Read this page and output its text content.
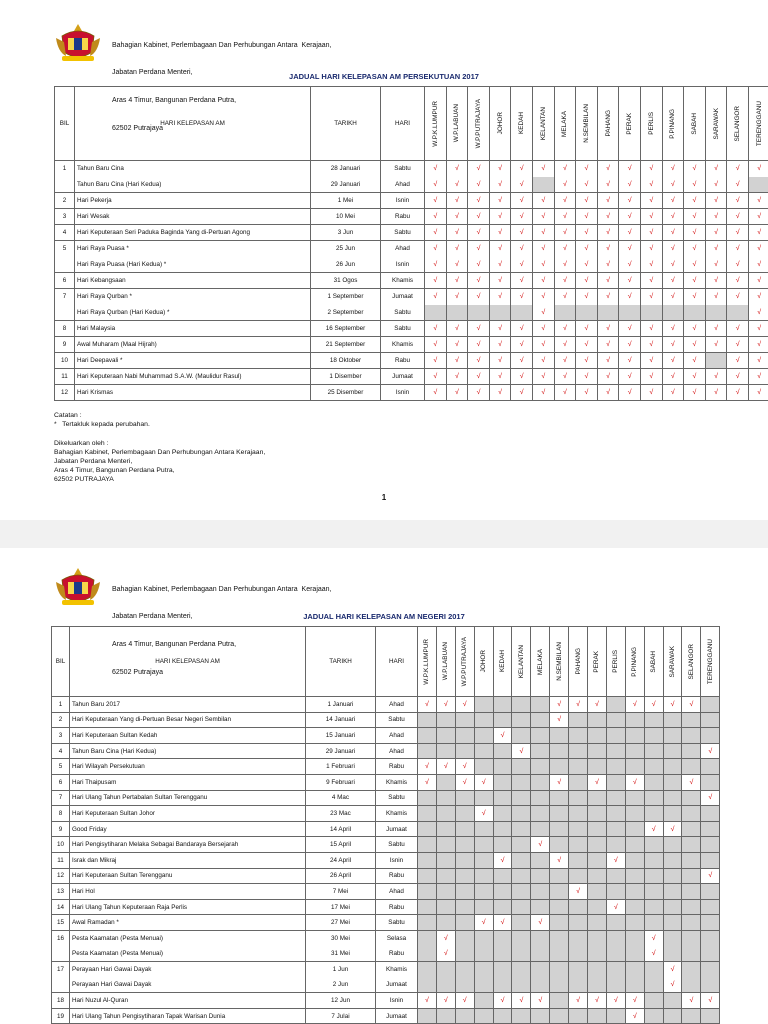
Bahagian Kabinet, Perlembagaan Dan Perhubungan Antara  Kerajaan,

Jabatan Perdana Menteri,

Aras 4 Timur, Bangunan Perdana Putra,

62502 Putrajaya

JADUAL HARI KELEPASAN AM PERSEKUTUAN 2017
BIL	HARI KELEPASAN AM	TARIKH	HARI	W.P.K.LUMPUR	W.P.LABUAN	W.P.PUTRAJAYA	JOHOR	KEDAH	KELANTAN	MELAKA	N.SEMBILAN	PAHANG	PERAK	PERLIS	P.PINANG	SABAH	SARAWAK	SELANGOR	TERENGGANU

1	Tahun Baru Cina	28 Januari	Sabtu	√	√	√	√	√	√	√	√	√	√	√	√	√	√	√	√
	Tahun Baru Cina (Hari Kedua)	29 Januari	Ahad	√	√	√	√	√		√	√	√	√	√	√	√	√	√	
2	Hari Pekerja	1 Mei	Isnin	√	√	√	√	√	√	√	√	√	√	√	√	√	√	√	√
3	Hari Wesak	10 Mei	Rabu	√	√	√	√	√	√	√	√	√	√	√	√	√	√	√	√
4	Hari Keputeraan Seri Paduka Baginda Yang di-Pertuan Agong	3 Jun	Sabtu	√	√	√	√	√	√	√	√	√	√	√	√	√	√	√	√
5	Hari Raya Puasa *	25 Jun	Ahad	√	√	√	√	√	√	√	√	√	√	√	√	√	√	√	√
	Hari Raya Puasa (Hari Kedua) *	26 Jun	Isnin	√	√	√	√	√	√	√	√	√	√	√	√	√	√	√	√
6	Hari Kebangsaan	31 Ogos	Khamis	√	√	√	√	√	√	√	√	√	√	√	√	√	√	√	√
7	Hari Raya Qurban *	1 September	Jumaat	√	√	√	√	√	√	√	√	√	√	√	√	√	√	√	√
	Hari Raya Qurban (Hari Kedua) *	2 September	Sabtu						√										√
8	Hari Malaysia	16 September	Sabtu	√	√	√	√	√	√	√	√	√	√	√	√	√	√	√	√
9	Awal Muharam (Maal Hijrah)	21 September	Khamis	√	√	√	√	√	√	√	√	√	√	√	√	√	√	√	√
10	Hari Deepavali *	18 Oktober	Rabu	√	√	√	√	√	√	√	√	√	√	√	√	√		√	√
11	Hari Keputeraan Nabi Muhammad S.A.W. (Maulidur Rasul)	1 Disember	Jumaat	√	√	√	√	√	√	√	√	√	√	√	√	√	√	√	√
12	Hari Krismas	25 Disember	Isnin	√	√	√	√	√	√	√	√	√	√	√	√	√	√	√	√
Catatan :
*   Tertakluk kepada perubahan.

Dikeluarkan oleh :
Bahagian Kabinet, Perlembagaan Dan Perhubungan Antara Kerajaan,
Jabatan Perdana Menteri,
Aras 4 Timur, Bangunan Perdana Putra,
62502 PUTRAJAYA
1

Bahagian Kabinet, Perlembagaan Dan Perhubungan Antara  Kerajaan,

Jabatan Perdana Menteri,

Aras 4 Timur, Bangunan Perdana Putra,

62502 Putrajaya

JADUAL HARI KELEPASAN AM NEGERI 2017
BIL	HARI KELEPASAN AM	TARIKH	HARI	W.P.K.LUMPUR	W.P.LABUAN	W.P.PUTRAJAYA	JOHOR	KEDAH	KELANTAN	MELAKA	N.SEMBILAN	PAHANG	PERAK	PERLIS	P.PINANG	SABAH	SARAWAK	SELANGOR	TERENGGANU

1	Tahun Baru 2017	1 Januari	Ahad	√	√	√					√	√	√		√	√	√	√	
2	Hari Keputeraan Yang di-Pertuan Besar Negeri Sembilan	14 Januari	Sabtu								√								
3	Hari Keputeraan Sultan Kedah	15 Januari	Ahad					√											
4	Tahun Baru Cina (Hari Kedua)	29 Januari	Ahad						√										√
5	Hari Wilayah Persekutuan	1 Februari	Rabu	√	√	√													
6	Hari Thaipusam	9 Februari	Khamis	√		√	√				√		√		√			√	
7	Hari Ulang Tahun Pertabalan Sultan Terengganu	4 Mac	Sabtu																√
8	Hari Keputeraan Sultan Johor	23 Mac	Khamis				√												
9	Good Friday	14 April	Jumaat													√	√		
10	Hari Pengisytiharan Melaka Sebagai Bandaraya Bersejarah	15 April	Sabtu							√									
11	Israk dan Mikraj	24 April	Isnin					√			√			√					
12	Hari Keputeraan Sultan Terengganu	26 April	Rabu																√
13	Hari Hol	7 Mei	Ahad									√							
14	Hari Ulang Tahun Keputeraan Raja Perlis	17 Mei	Rabu											√					
15	Awal Ramadan *	27 Mei	Sabtu				√	√		√									
16	Pesta Kaamatan (Pesta Menuai)	30 Mei	Selasa		√											√			
	Pesta Kaamatan (Pesta Menuai)	31 Mei	Rabu		√											√			
17	Perayaan Hari Gawai Dayak	1 Jun	Khamis														√		
	Perayaan Hari Gawai Dayak	2 Jun	Jumaat														√		
18	Hari Nuzul Al-Quran	12 Jun	Isnin	√	√	√		√	√	√		√	√	√	√			√	√
19	Hari Ulang Tahun Pengisytiharan Tapak Warisan Dunia	7 Julai	Jumaat												√				
